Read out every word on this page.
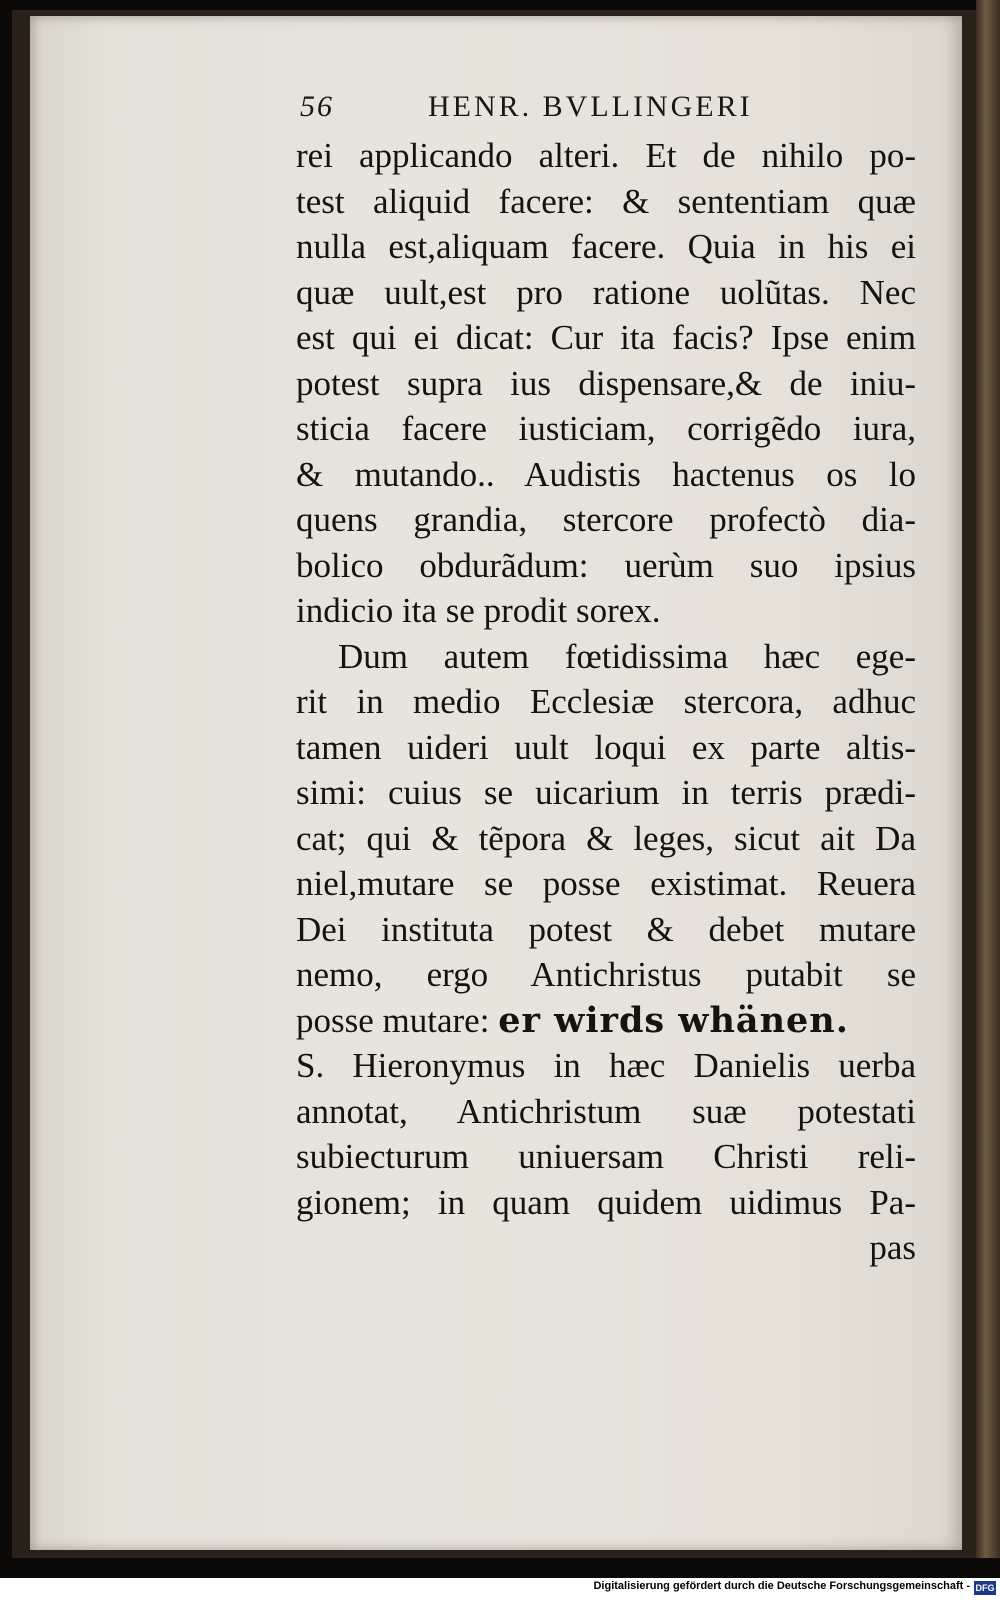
56	HENR. BVLLINGERI
rei applicando alteri. Et de nihilo po-
test aliquid facere: & sententiam quæ
nulla est,aliquam facere. Quia in his ei
quæ uult,est pro ratione uolũtas. Nec
est qui ei dicat: Cur ita facis? Ipse enim
potest supra ius dispensare,& de iniu-
sticia facere iusticiam, corrigẽdo iura,
& mutando.. Audistis hactenus os lo
quens grandia, stercore profectò dia-
bolico obdurãdum: uerùm suo ipsius
indicio ita se prodit sorex.
Dum autem fœtidissima hæc ege-
rit in medio Ecclesiæ stercora, adhuc
tamen uideri uult loqui ex parte altis-
simi: cuius se uicarium in terris prædi-
cat; qui & tẽpora & leges, sicut ait Da
niel,mutare se posse existimat. Reuera
Dei instituta potest & debet mutare
nemo, ergo Antichristus putabit se
posse mutare: er wirds whänen.
S. Hieronymus in hæc Danielis uerba
annotat, Antichristum suæ potestati
subiecturum uniuersam Christi reli-
gionem; in quam quidem uidimus Pa-
pas
Digitalisierung gefördert durch die Deutsche Forschungsgemeinschaft - DFG
